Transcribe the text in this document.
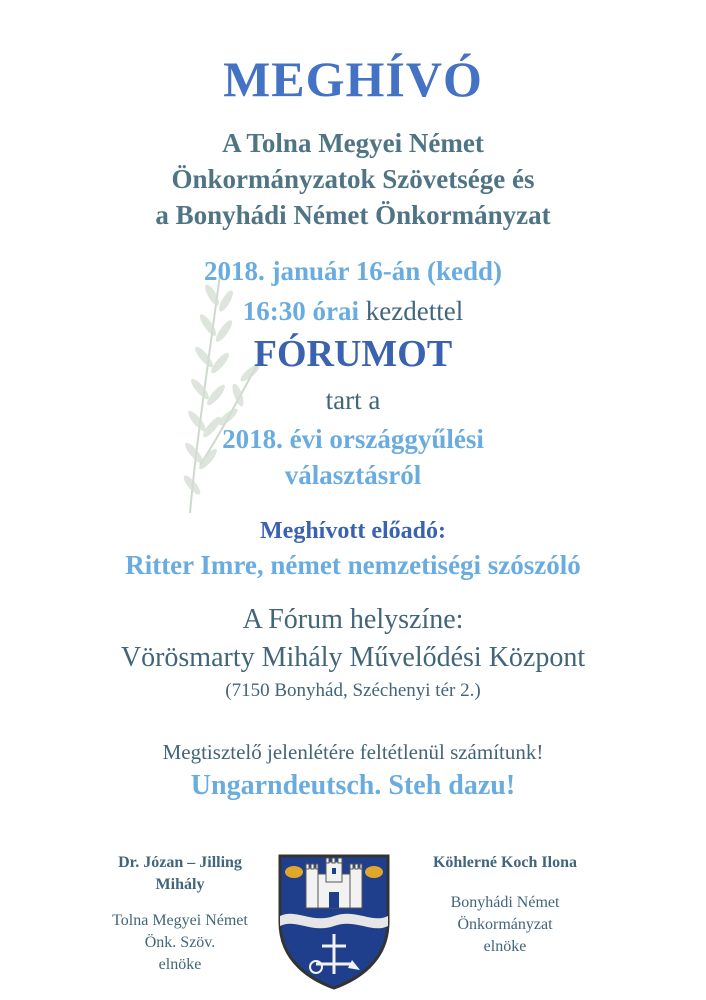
MEGHÍVÓ
A Tolna Megyei Német
Önkormányzatok Szövetsége és
a Bonyhádi Német Önkormányzat
2018. január 16-án (kedd)
16:30 órai kezdettel
FÓRUMOT
tart a
2018. évi országgyűlési
választásról
Meghívott előadó:
Ritter Imre, német nemzetiségi szószóló
A Fórum helyszíne:
Vörösmarty Mihály Művelődési Központ
(7150 Bonyhád, Széchenyi tér 2.)
Megtisztelő jelenlétére feltétlenül számítunk!
Ungarndeutsch. Steh dazu!
Dr. Józan – Jilling
Mihály
Tolna Megyei Német
Önk. Szöv.
elnöke
Köhlerné Koch Ilona
Bonyhádi Német
Önkormányzat
elnöke
